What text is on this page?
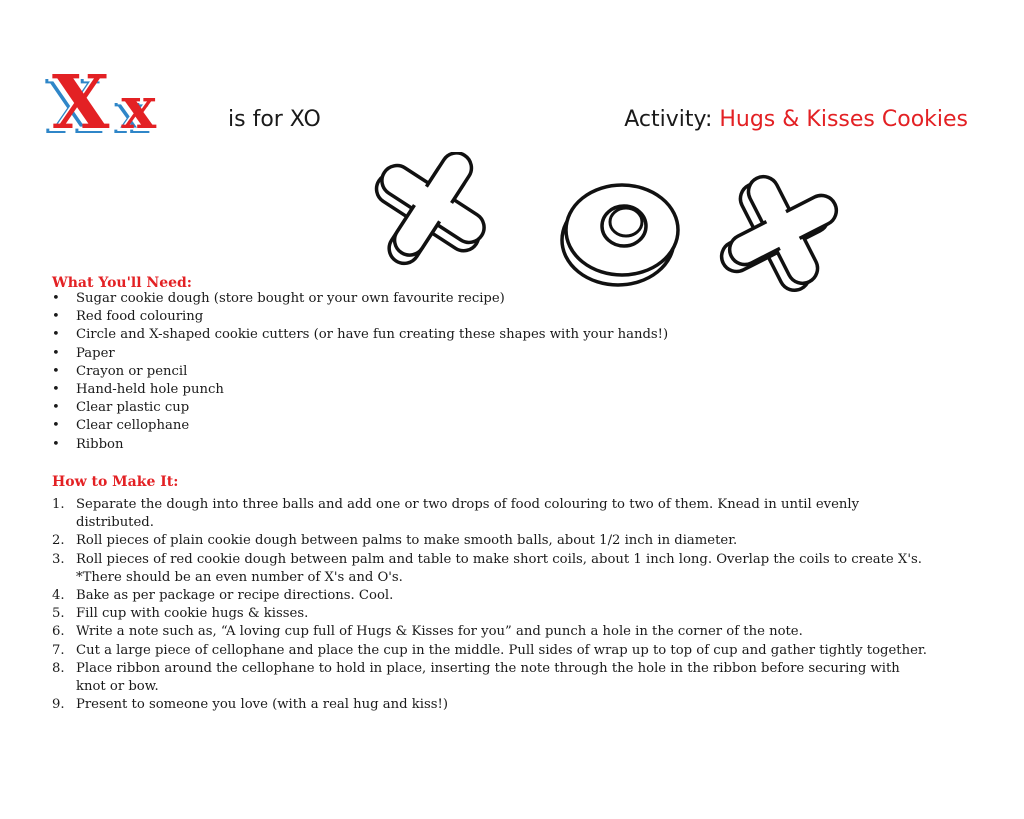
X x	is for XO	Activity: Hugs & Kisses Cookies
What You'll Need:
• Sugar cookie dough (store bought or your own favourite recipe)
• Red food colouring
• Circle and X-shaped cookie cutters (or have fun creating these shapes with your hands!)
• Paper
• Crayon or pencil
• Hand-held hole punch
• Clear plastic cup
• Clear cellophane
• Ribbon
How to Make It:
1. Separate the dough into three balls and add one or two drops of food colouring to two of them. Knead in until evenly distributed.
2. Roll pieces of plain cookie dough between palms to make smooth balls, about 1/2 inch in diameter.
3. Roll pieces of red cookie dough between palm and table to make short coils, about 1 inch long. Overlap the coils to create X's. *There should be an even number of X's and O's.
4. Bake as per package or recipe directions. Cool.
5. Fill cup with cookie hugs & kisses.
6. Write a note such as, “A loving cup full of Hugs & Kisses for you” and punch a hole in the corner of the note.
7. Cut a large piece of cellophane and place the cup in the middle. Pull sides of wrap up to top of cup and gather tightly together.
8. Place ribbon around the cellophane to hold in place, inserting the note through the hole in the ribbon before securing with knot or bow.
9. Present to someone you love (with a real hug and kiss!)
